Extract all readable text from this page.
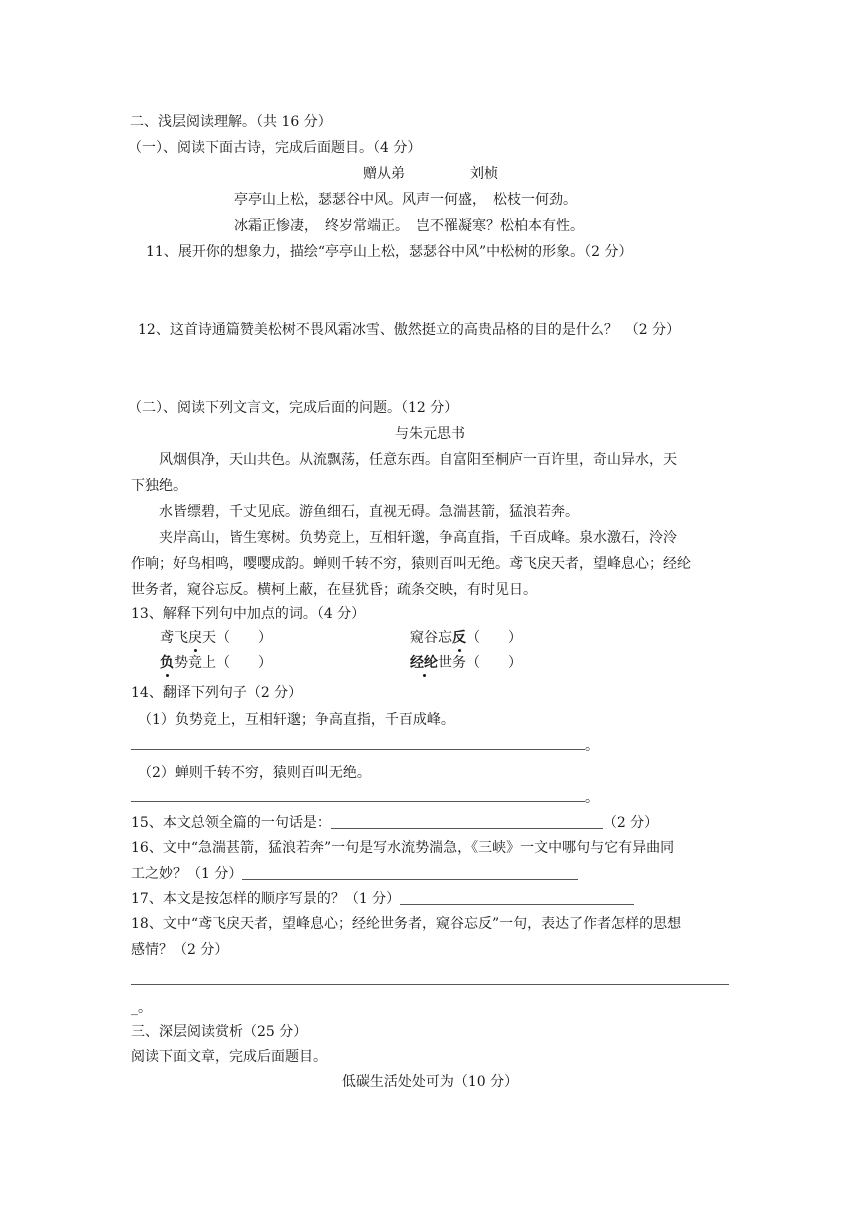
二、浅层阅读理解。（共 16 分）
（一）、阅读下面古诗，完成后面题目。（4 分）
赠从弟	刘桢
亭亭山上松，瑟瑟谷中风。风声一何盛，　松枝一何劲。
冰霜正惨凄，　终岁常端正。　岂不罹凝寒？松柏本有性。
11、展开你的想象力，描绘“亭亭山上松，瑟瑟谷中风”中松树的形象。（2 分）
12、这首诗通篇赞美松树不畏风霜冰雪、傲然挺立的高贵品格的目的是什么？　（2 分）
（二）、阅读下列文言文，完成后面的问题。（12 分）
与朱元思书
风烟俱净，天山共色。从流飘荡，任意东西。自富阳至桐庐一百许里，奇山异水，天
下独绝。
水皆缥碧，千丈见底。游鱼细石，直视无碍。急湍甚箭，猛浪若奔。
夹岸高山，皆生寒树。负势竞上，互相轩邈，争高直指，千百成峰。泉水激石，泠泠
作响；好鸟相鸣，嘤嘤成韵。蝉则千转不穷，猿则百叫无绝。鸢飞戾天者，望峰息心；经纶
世务者，窥谷忘反。横柯上蔽，在昼犹昏；疏条交映，有时见日。
13、解释下列句中加点的词。（4 分）
鸢飞戾天（　　）	窥谷忘反（　　）
负势竞上（　　）	经纶世务（　　）
14、翻译下列句子（2 分）
（1）负势竞上，互相轩邈；争高直指，千百成峰。
。
（2）蝉则千转不穷，猿则百叫无绝。
。
15、本文总领全篇的一句话是：	（2 分）
16、文中“急湍甚箭，猛浪若奔”一句是写水流势湍急，《三峡》一文中哪句与它有异曲同
工之妙？（1 分）
17、本文是按怎样的顺序写景的？（1 分）
18、文中“鸢飞戾天者，望峰息心；经纶世务者，窥谷忘反”一句，表达了作者怎样的思想
感情？（2 分）
_。
三、深层阅读赏析（25 分）
阅读下面文章，完成后面题目。
低碳生活处处可为（10 分）
